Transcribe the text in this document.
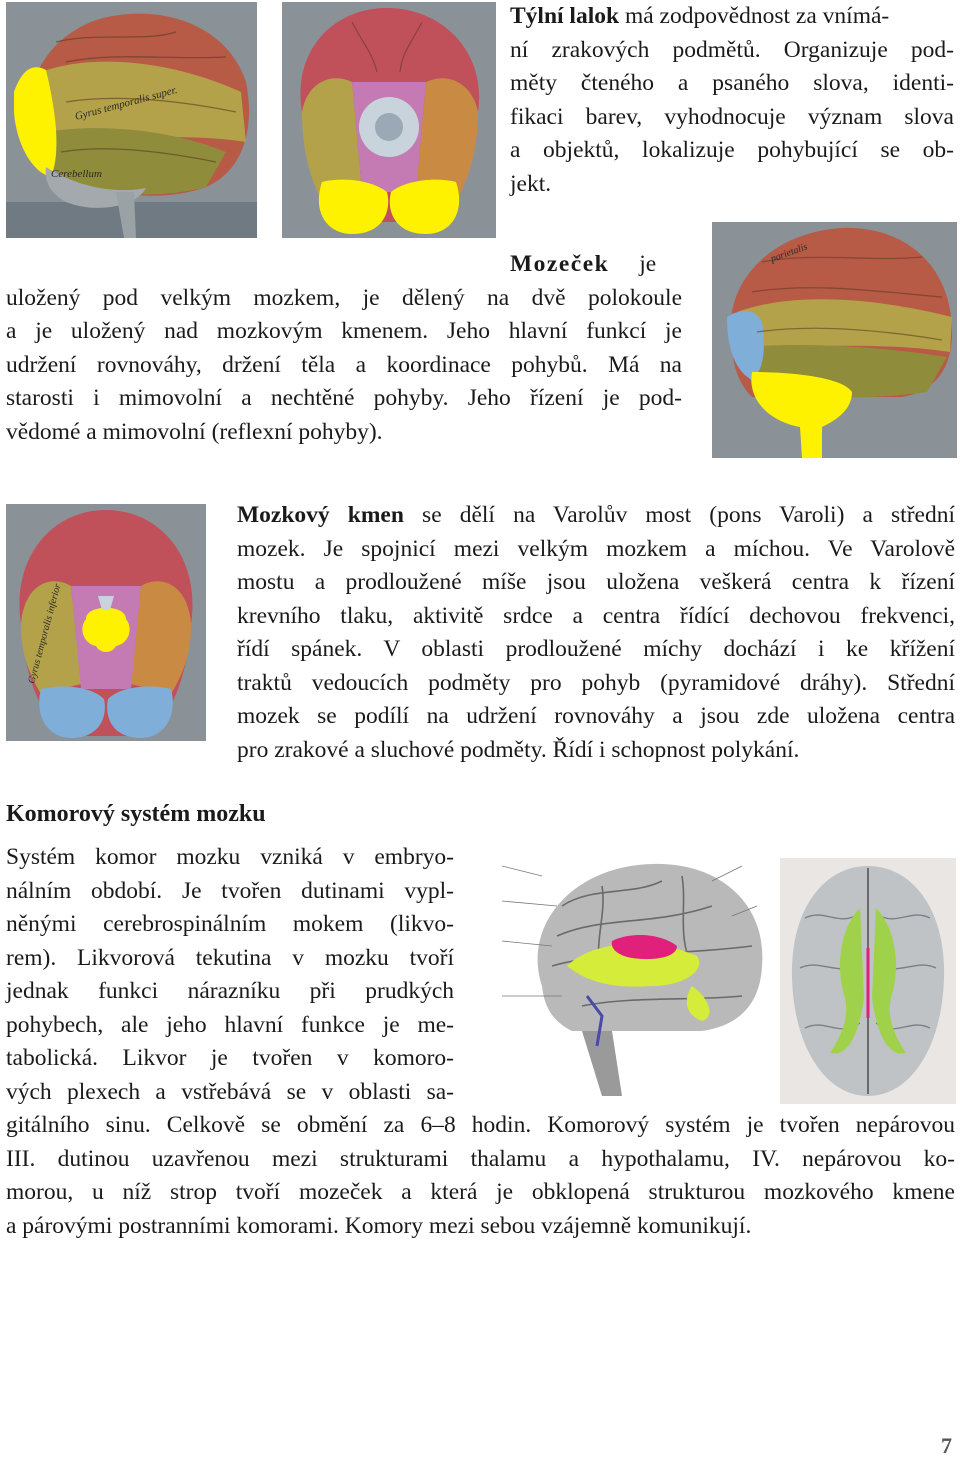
Gyrus temporalis super.
Cerebellum
Týlní lalok má zodpovědnost za vnímá-
ní zrakových podmětů. Organizuje pod-
měty čteného a psaného slova, identi-
fikaci barev, vyhodnocuje význam slova
a objektů, lokalizuje pohybující se ob-
jekt.
Mozeček je
uložený pod velkým mozkem, je dělený na dvě polokoule
a je uložený nad mozkovým kmenem. Jeho hlavní funkcí je
udržení rovnováhy, držení těla a koordinace pohybů. Má na
starosti i mimovolní a nechtěné pohyby. Jeho řízení je pod-
vědomé a mimovolní (reflexní pohyby).
parietalis
Gyrus temporalis inferior
Mozkový kmen se dělí na Varolův most (pons Varoli) a střední
mozek. Je spojnicí mezi velkým mozkem a míchou. Ve Varolově
mostu a prodloužené míše jsou uložena veškerá centra k řízení
krevního tlaku, aktivitě srdce a centra řídící dechovou frekvenci,
řídí spánek. V oblasti prodloužené míchy dochází i ke křížení
traktů vedoucích podměty pro pohyb (pyramidové dráhy). Střední
mozek se podílí na udržení rovnováhy a jsou zde uložena centra
pro zrakové a sluchové podměty. Řídí i schopnost polykání.
Komorový systém mozku
Systém komor mozku vzniká v embryo-
nálním období. Je tvořen dutinami vypl-
něnými cerebrospinálním mokem (likvo-
rem). Likvorová tekutina v mozku tvoří
jednak funkci nárazníku při prudkých
pohybech, ale jeho hlavní funkce je me-
tabolická. Likvor je tvořen v komoro-
vých plexech a vstřebává se v oblasti sa-
gitálního sinu. Celkově se obmění za 6–8 hodin. Komorový systém je tvořen nepárovou
III. dutinou uzavřenou mezi strukturami thalamu a hypothalamu, IV. nepárovou ko-
morou, u níž strop tvoří mozeček a která je obklopená strukturou mozkového kmene
a párovými postranními komorami. Komory mezi sebou vzájemně komunikují.
7
